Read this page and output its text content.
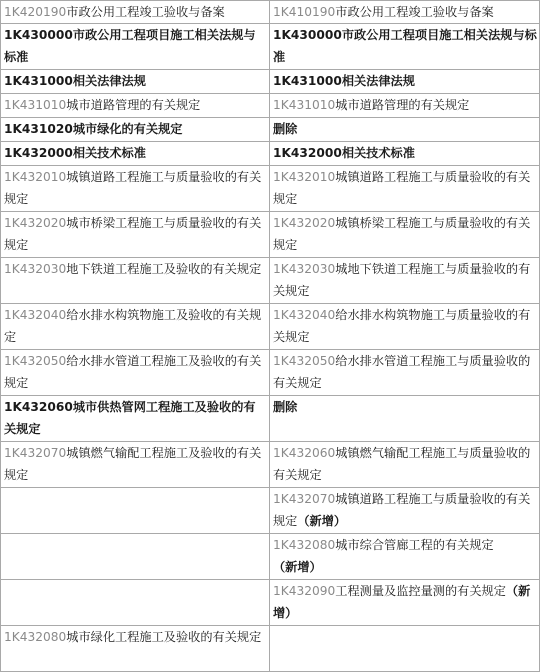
1K420190市政公用工程竣工验收与备案	1K410190市政公用工程竣工验收与备案
1K430000市政公用工程项目施工相关法规与标准	1K430000市政公用工程项目施工相关法规与标准
1K431000相关法律法规	1K431000相关法律法规
1K431010城市道路管理的有关规定	1K431010城市道路管理的有关规定
1K431020城市绿化的有关规定	删除
1K432000相关技术标准	1K432000相关技术标准
1K432010城镇道路工程施工与质量验收的有关规定	1K432010城镇道路工程施工与质量验收的有关规定
1K432020城市桥梁工程施工与质量验收的有关规定	1K432020城镇桥梁工程施工与质量验收的有关规定
1K432030地下铁道工程施工及验收的有关规定	1K432030城地下铁道工程施工与质量验收的有关规定
1K432040给水排水构筑物施工及验收的有关规定	1K432040给水排水构筑物施工与质量验收的有关规定
1K432050给水排水管道工程施工及验收的有关规定	1K432050给水排水管道工程施工与质量验收的有关规定
1K432060城市供热管网工程施工及验收的有关规定	删除
1K432070城镇燃气输配工程施工及验收的有关规定	1K432060城镇燃气输配工程施工与质量验收的有关规定
	1K432070城镇道路工程施工与质量验收的有关规定（新增）
	1K432080城市综合管廊工程的有关规定（新增）
	1K432090工程测量及监控量测的有关规定（新增）
1K432080城市绿化工程施工及验收的有关规定	
